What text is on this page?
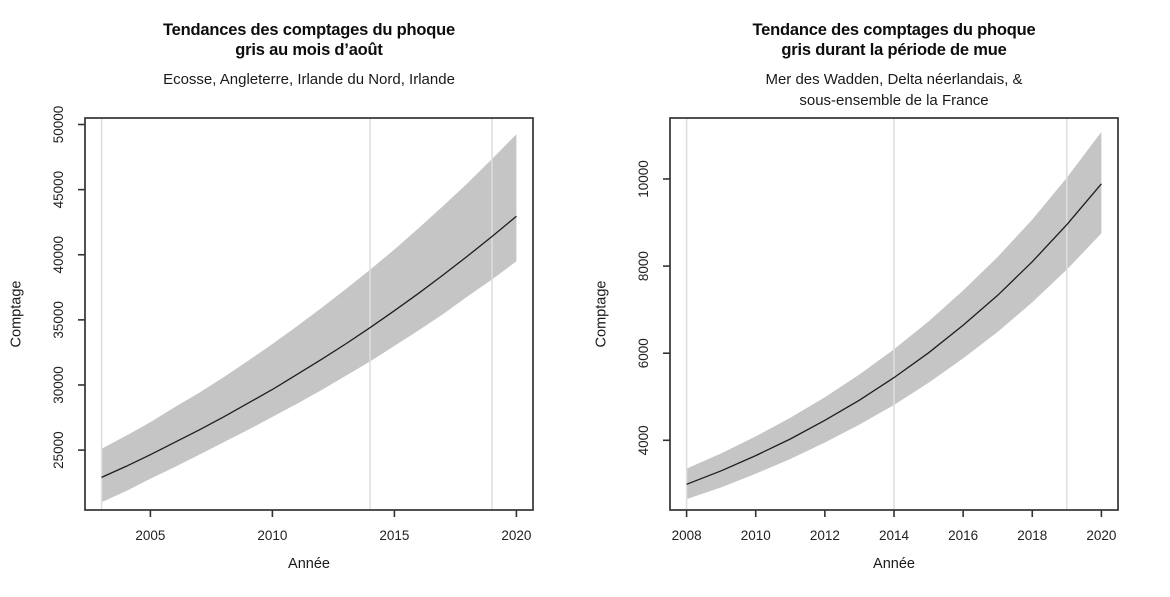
Tendances des comptages du phoque
gris au mois d’août
Ecosse, Angleterre, Irlande du Nord, Irlande
Comptage
Année
2005	2010	2015	2020
25000
30000
35000
40000
45000
50000
Tendance des comptages du phoque
gris durant la période de mue
Mer des Wadden, Delta néerlandais, &
sous-ensemble de la France
Comptage
Année
2008	2010	2012	2014	2016	2018	2020
4000
6000
8000
10000
